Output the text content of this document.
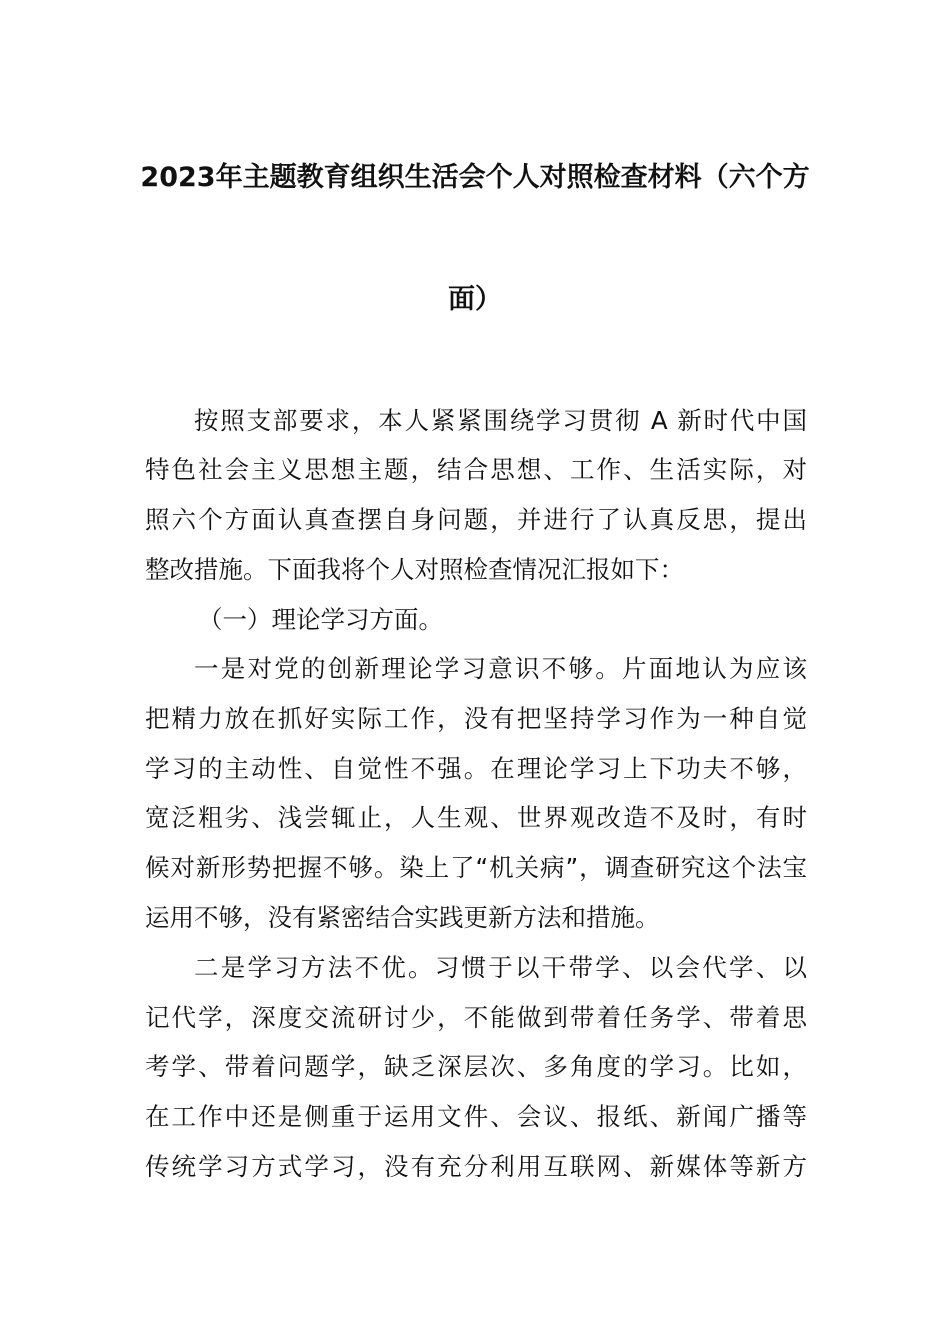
2023年主题教育组织生活会个人对照检查材料（六个方
面）
按照支部要求，本人紧紧围绕学习贯彻 A 新时代中国
特色社会主义思想主题，结合思想、工作、生活实际，对
照六个方面认真查摆自身问题，并进行了认真反思，提出
整改措施。下面我将个人对照检查情况汇报如下：
（一）理论学习方面。
一是对党的创新理论学习意识不够。片面地认为应该
把精力放在抓好实际工作，没有把坚持学习作为一种自觉
学习的主动性、自觉性不强。在理论学习上下功夫不够，
宽泛粗劣、浅尝辄止，人生观、世界观改造不及时，有时
候对新形势把握不够。染上了“机关病”，调查研究这个法宝
运用不够，没有紧密结合实践更新方法和措施。
二是学习方法不优。习惯于以干带学、以会代学、以
记代学，深度交流研讨少，不能做到带着任务学、带着思
考学、带着问题学，缺乏深层次、多角度的学习。比如，
在工作中还是侧重于运用文件、会议、报纸、新闻广播等
传统学习方式学习，没有充分利用互联网、新媒体等新方
